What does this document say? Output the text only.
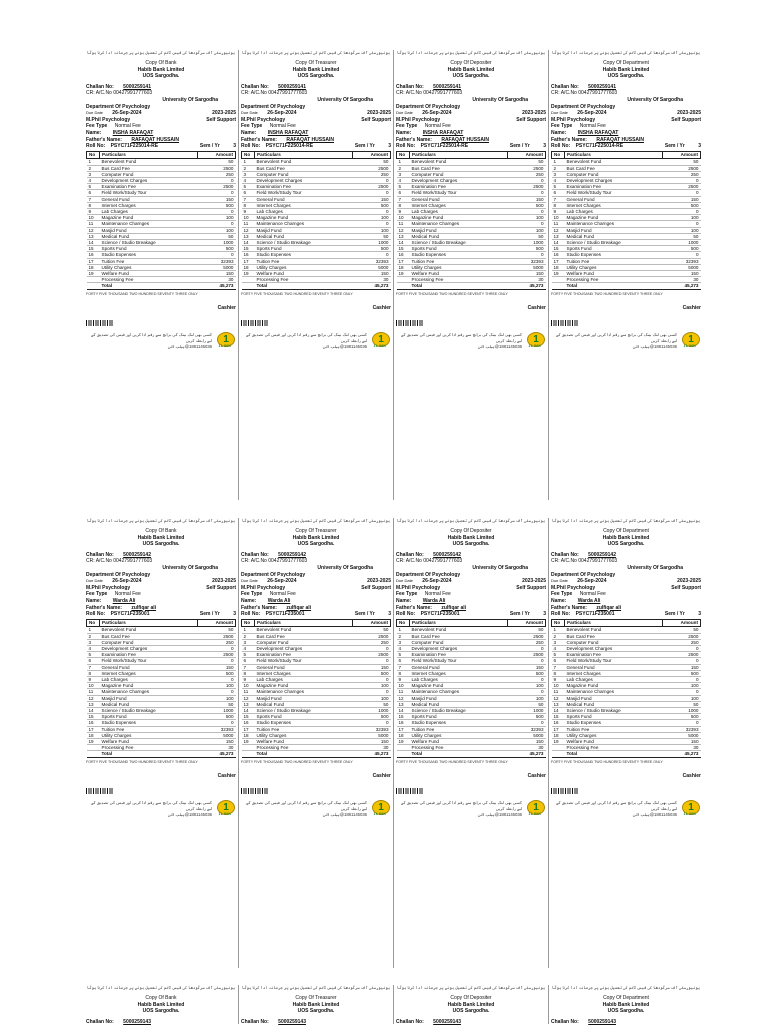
یونیورسٹی آف سرگودھا کی فیس ٹائم کی تعمیل ہونے پر جرمانہ ادا کرنا ہوگا
Copy Of Bank
Habib Bank Limited
UOS Sargodha.
Challan No: 5000259141
CR: A/C.No 00427991777603
University Of Sargodha
Department Of Psychology
Due Date 26-Sep-2024	2023-2025
M.Phil Psychology	Self Support
Fee Type Normal Fee
Name: INSHA RAFAQAT
Father's Name: RAFAQAT HUSSAIN
Roll No: PSYC71F225014-RE	Sem / Yr	3
No	Particulars	Amount
1	Benevolent Fund	50
2	Bus Card Fee	2500
3	Computer Fund	250
4	Development Charges	0
5	Examination Fee	2500
6	Field Work/Study Tour	0
7	General Fund	150
8	Internet Charges	500
9	Lab Charges	0
10	Magazine Fund	100
11	Maintenance Charnges	0
12	Masjid Fund	100
13	Medical Fund	50
14	Science / Studio Breakage	1000
15	Sports Fund	500
16	Studio Expenses	0
17	Tuition Fee	32393
18	Utility Charges	5000
19	Welfare Fund	150
	Processing Fee	30
	Total	45,273
FORTY FIVE THOUSAND TWO HUNDRED SEVENTY THREE ONLY
Cashier
کسی بھی لنک بینک کی برانچ سے رقم ادا کریں اور فیس کی تصدیق کے لیے رابطہ کریں
1881145036@ہیلپ لائن
1
1LINK
یونیورسٹی آف سرگودھا کی فیس ٹائم کی تعمیل ہونے پر جرمانہ ادا کرنا ہوگا
Copy Of Treasurer
Habib Bank Limited
UOS Sargodha.
Challan No: 5000259141
CR: A/C.No 00427991777603
University Of Sargodha
Department Of Psychology
Due Date 26-Sep-2024	2023-2025
M.Phil Psychology	Self Support
Fee Type Normal Fee
Name: INSHA RAFAQAT
Father's Name: RAFAQAT HUSSAIN
Roll No: PSYC71F225014-RE	Sem / Yr	3
No	Particulars	Amount
1	Benevolent Fund	50
2	Bus Card Fee	2500
3	Computer Fund	250
4	Development Charges	0
5	Examination Fee	2500
6	Field Work/Study Tour	0
7	General Fund	150
8	Internet Charges	500
9	Lab Charges	0
10	Magazine Fund	100
11	Maintenance Charnges	0
12	Masjid Fund	100
13	Medical Fund	50
14	Science / Studio Breakage	1000
15	Sports Fund	500
16	Studio Expenses	0
17	Tuition Fee	32393
18	Utility Charges	5000
19	Welfare Fund	150
	Processing Fee	30
	Total	45,273
FORTY FIVE THOUSAND TWO HUNDRED SEVENTY THREE ONLY
Cashier
کسی بھی لنک بینک کی برانچ سے رقم ادا کریں اور فیس کی تصدیق کے لیے رابطہ کریں
1881145036@ہیلپ لائن
1
1LINK
یونیورسٹی آف سرگودھا کی فیس ٹائم کی تعمیل ہونے پر جرمانہ ادا کرنا ہوگا
Copy Of Depositer
Habib Bank Limited
UOS Sargodha.
Challan No: 5000259141
CR: A/C.No 00427991777603
University Of Sargodha
Department Of Psychology
Due Date 26-Sep-2024	2023-2025
M.Phil Psychology	Self Support
Fee Type Normal Fee
Name: INSHA RAFAQAT
Father's Name: RAFAQAT HUSSAIN
Roll No: PSYC71F225014-RE	Sem / Yr	3
No	Particulars	Amount
1	Benevolent Fund	50
2	Bus Card Fee	2500
3	Computer Fund	250
4	Development Charges	0
5	Examination Fee	2500
6	Field Work/Study Tour	0
7	General Fund	150
8	Internet Charges	500
9	Lab Charges	0
10	Magazine Fund	100
11	Maintenance Charnges	0
12	Masjid Fund	100
13	Medical Fund	50
14	Science / Studio Breakage	1000
15	Sports Fund	500
16	Studio Expenses	0
17	Tuition Fee	32393
18	Utility Charges	5000
19	Welfare Fund	150
	Processing Fee	30
	Total	45,273
FORTY FIVE THOUSAND TWO HUNDRED SEVENTY THREE ONLY
Cashier
کسی بھی لنک بینک کی برانچ سے رقم ادا کریں اور فیس کی تصدیق کے لیے رابطہ کریں
1881145036@ہیلپ لائن
1
1LINK
یونیورسٹی آف سرگودھا کی فیس ٹائم کی تعمیل ہونے پر جرمانہ ادا کرنا ہوگا
Copy Of Department
Habib Bank Limited
UOS Sargodha.
Challan No: 5000259141
CR: A/C.No 00427991777603
University Of Sargodha
Department Of Psychology
Due Date 26-Sep-2024	2023-2025
M.Phil Psychology	Self Support
Fee Type Normal Fee
Name: INSHA RAFAQAT
Father's Name: RAFAQAT HUSSAIN
Roll No: PSYC71F225014-RE	Sem / Yr	3
No	Particulars	Amount
1	Benevolent Fund	50
2	Bus Card Fee	2500
3	Computer Fund	250
4	Development Charges	0
5	Examination Fee	2500
6	Field Work/Study Tour	0
7	General Fund	150
8	Internet Charges	500
9	Lab Charges	0
10	Magazine Fund	100
11	Maintenance Charnges	0
12	Masjid Fund	100
13	Medical Fund	50
14	Science / Studio Breakage	1000
15	Sports Fund	500
16	Studio Expenses	0
17	Tuition Fee	32393
18	Utility Charges	5000
19	Welfare Fund	150
	Processing Fee	30
	Total	45,273
FORTY FIVE THOUSAND TWO HUNDRED SEVENTY THREE ONLY
Cashier
کسی بھی لنک بینک کی برانچ سے رقم ادا کریں اور فیس کی تصدیق کے لیے رابطہ کریں
1881145036@ہیلپ لائن
1
1LINK
یونیورسٹی آف سرگودھا کی فیس ٹائم کی تعمیل ہونے پر جرمانہ ادا کرنا ہوگا
Copy Of Bank
Habib Bank Limited
UOS Sargodha.
Challan No: 5000259142
CR: A/C.No 00427991777603
University Of Sargodha
Department Of Psychology
Due Date 26-Sep-2024	2023-2025
M.Phil Psychology	Self Support
Fee Type Normal Fee
Name: Warda Ali
Father's Name: zulfiqar ali
Roll No: PSYC71F235001	Sem / Yr	3
No	Particulars	Amount
1	Benevolent Fund	50
2	Bus Card Fee	2500
3	Computer Fund	250
4	Development Charges	0
5	Examination Fee	2500
6	Field Work/Study Tour	0
7	General Fund	150
8	Internet Charges	500
9	Lab Charges	0
10	Magazine Fund	100
11	Maintenance Charnges	0
12	Masjid Fund	100
13	Medical Fund	50
14	Science / Studio Breakage	1000
15	Sports Fund	500
16	Studio Expenses	0
17	Tuition Fee	32393
18	Utility Charges	5000
19	Welfare Fund	150
	Processing Fee	30
	Total	45,273
FORTY FIVE THOUSAND TWO HUNDRED SEVENTY THREE ONLY
Cashier
کسی بھی لنک بینک کی برانچ سے رقم ادا کریں اور فیس کی تصدیق کے لیے رابطہ کریں
1881145036@ہیلپ لائن
1
1LINK
یونیورسٹی آف سرگودھا کی فیس ٹائم کی تعمیل ہونے پر جرمانہ ادا کرنا ہوگا
Copy Of Treasurer
Habib Bank Limited
UOS Sargodha.
Challan No: 5000259142
CR: A/C.No 00427991777603
University Of Sargodha
Department Of Psychology
Due Date 26-Sep-2024	2023-2025
M.Phil Psychology	Self Support
Fee Type Normal Fee
Name: Warda Ali
Father's Name: zulfiqar ali
Roll No: PSYC71F235001	Sem / Yr	3
No	Particulars	Amount
1	Benevolent Fund	50
2	Bus Card Fee	2500
3	Computer Fund	250
4	Development Charges	0
5	Examination Fee	2500
6	Field Work/Study Tour	0
7	General Fund	150
8	Internet Charges	500
9	Lab Charges	0
10	Magazine Fund	100
11	Maintenance Charnges	0
12	Masjid Fund	100
13	Medical Fund	50
14	Science / Studio Breakage	1000
15	Sports Fund	500
16	Studio Expenses	0
17	Tuition Fee	32393
18	Utility Charges	5000
19	Welfare Fund	150
	Processing Fee	30
	Total	45,273
FORTY FIVE THOUSAND TWO HUNDRED SEVENTY THREE ONLY
Cashier
کسی بھی لنک بینک کی برانچ سے رقم ادا کریں اور فیس کی تصدیق کے لیے رابطہ کریں
1881145036@ہیلپ لائن
1
1LINK
یونیورسٹی آف سرگودھا کی فیس ٹائم کی تعمیل ہونے پر جرمانہ ادا کرنا ہوگا
Copy Of Depositer
Habib Bank Limited
UOS Sargodha.
Challan No: 5000259142
CR: A/C.No 00427991777603
University Of Sargodha
Department Of Psychology
Due Date 26-Sep-2024	2023-2025
M.Phil Psychology	Self Support
Fee Type Normal Fee
Name: Warda Ali
Father's Name: zulfiqar ali
Roll No: PSYC71F235001	Sem / Yr	3
No	Particulars	Amount
1	Benevolent Fund	50
2	Bus Card Fee	2500
3	Computer Fund	250
4	Development Charges	0
5	Examination Fee	2500
6	Field Work/Study Tour	0
7	General Fund	150
8	Internet Charges	500
9	Lab Charges	0
10	Magazine Fund	100
11	Maintenance Charnges	0
12	Masjid Fund	100
13	Medical Fund	50
14	Science / Studio Breakage	1000
15	Sports Fund	500
16	Studio Expenses	0
17	Tuition Fee	32393
18	Utility Charges	5000
19	Welfare Fund	150
	Processing Fee	30
	Total	45,273
FORTY FIVE THOUSAND TWO HUNDRED SEVENTY THREE ONLY
Cashier
کسی بھی لنک بینک کی برانچ سے رقم ادا کریں اور فیس کی تصدیق کے لیے رابطہ کریں
1881145036@ہیلپ لائن
1
1LINK
یونیورسٹی آف سرگودھا کی فیس ٹائم کی تعمیل ہونے پر جرمانہ ادا کرنا ہوگا
Copy Of Department
Habib Bank Limited
UOS Sargodha.
Challan No: 5000259142
CR: A/C.No 00427991777603
University Of Sargodha
Department Of Psychology
Due Date 26-Sep-2024	2023-2025
M.Phil Psychology	Self Support
Fee Type Normal Fee
Name: Warda Ali
Father's Name: zulfiqar ali
Roll No: PSYC71F235001	Sem / Yr	3
No	Particulars	Amount
1	Benevolent Fund	50
2	Bus Card Fee	2500
3	Computer Fund	250
4	Development Charges	0
5	Examination Fee	2500
6	Field Work/Study Tour	0
7	General Fund	150
8	Internet Charges	500
9	Lab Charges	0
10	Magazine Fund	100
11	Maintenance Charnges	0
12	Masjid Fund	100
13	Medical Fund	50
14	Science / Studio Breakage	1000
15	Sports Fund	500
16	Studio Expenses	0
17	Tuition Fee	32393
18	Utility Charges	5000
19	Welfare Fund	150
	Processing Fee	30
	Total	45,273
FORTY FIVE THOUSAND TWO HUNDRED SEVENTY THREE ONLY
Cashier
کسی بھی لنک بینک کی برانچ سے رقم ادا کریں اور فیس کی تصدیق کے لیے رابطہ کریں
1881145036@ہیلپ لائن
1
1LINK
یونیورسٹی آف سرگودھا کی فیس ٹائم کی تعمیل ہونے پر جرمانہ ادا کرنا ہوگا
Copy Of Bank
Habib Bank Limited
UOS Sargodha.
Challan No: 5000259143
یونیورسٹی آف سرگودھا کی فیس ٹائم کی تعمیل ہونے پر جرمانہ ادا کرنا ہوگا
Copy Of Treasurer
Habib Bank Limited
UOS Sargodha.
Challan No: 5000259143
یونیورسٹی آف سرگودھا کی فیس ٹائم کی تعمیل ہونے پر جرمانہ ادا کرنا ہوگا
Copy Of Depositer
Habib Bank Limited
UOS Sargodha.
Challan No: 5000259143
یونیورسٹی آف سرگودھا کی فیس ٹائم کی تعمیل ہونے پر جرمانہ ادا کرنا ہوگا
Copy Of Department
Habib Bank Limited
UOS Sargodha.
Challan No: 5000259143
